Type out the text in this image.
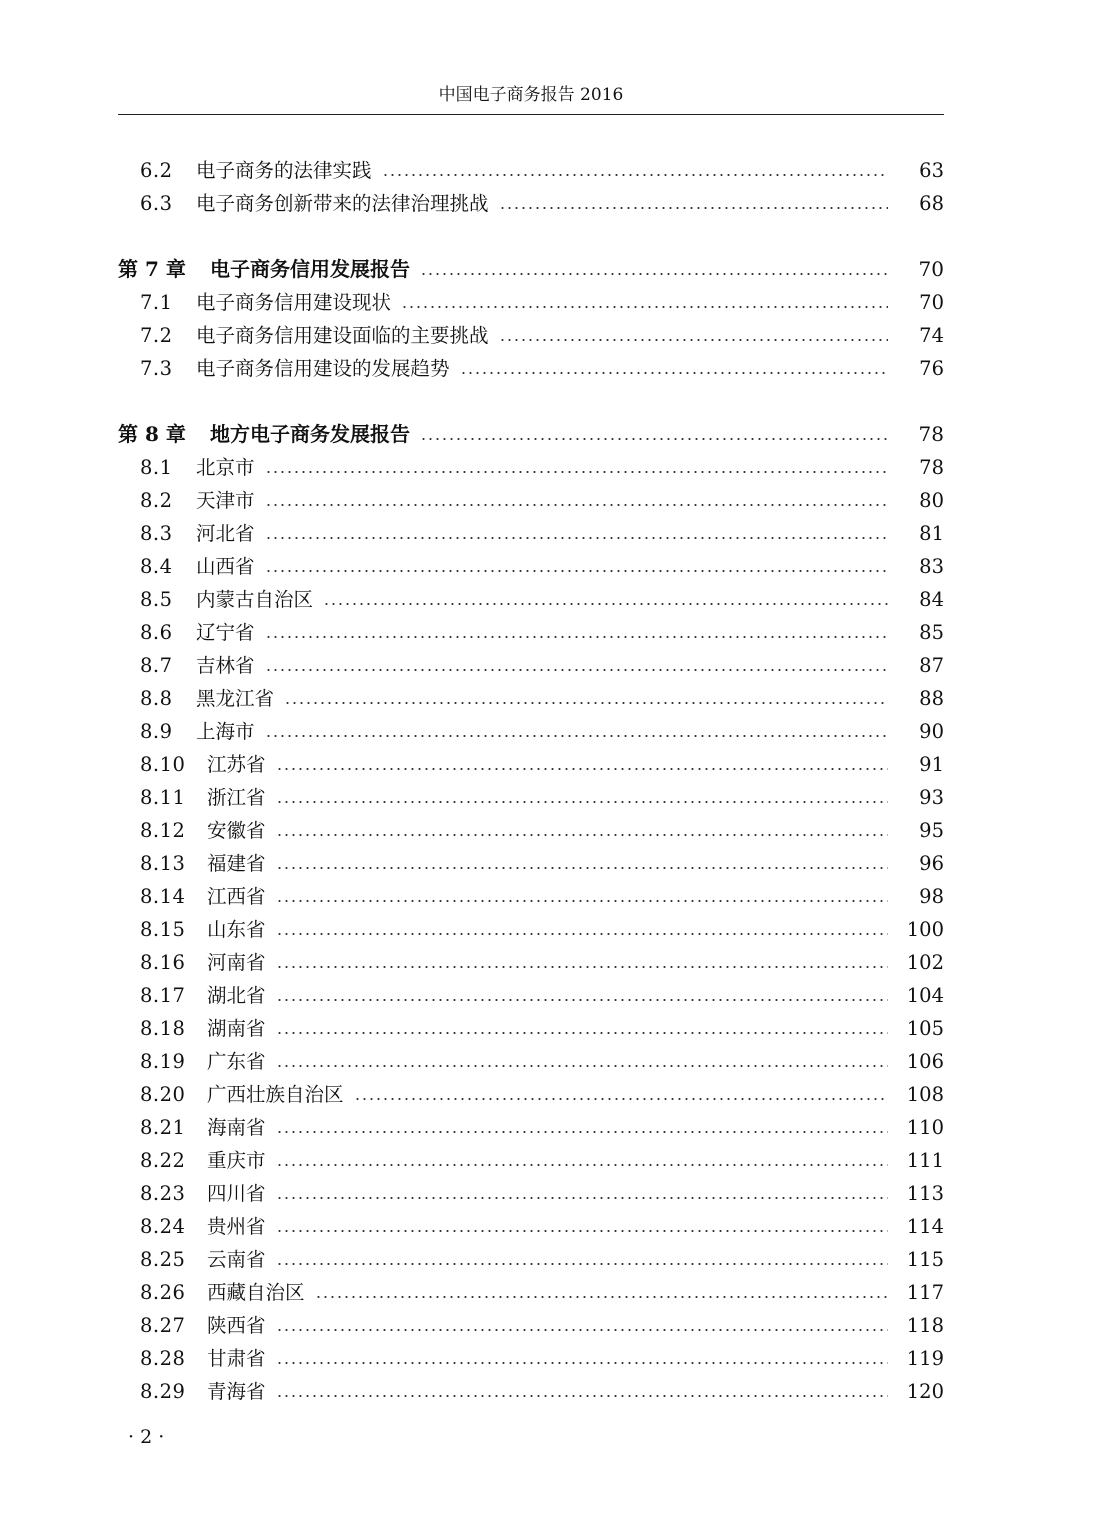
中国电子商务报告 2016
6.2	电子商务的法律实践	63
6.3	电子商务创新带来的法律治理挑战	68
第 7 章	电子商务信用发展报告	70
7.1	电子商务信用建设现状	70
7.2	电子商务信用建设面临的主要挑战	74
7.3	电子商务信用建设的发展趋势	76
第 8 章	地方电子商务发展报告	78
8.1	北京市	78
8.2	天津市	80
8.3	河北省	81
8.4	山西省	83
8.5	内蒙古自治区	84
8.6	辽宁省	85
8.7	吉林省	87
8.8	黑龙江省	88
8.9	上海市	90
8.10	江苏省	91
8.11	浙江省	93
8.12	安徽省	95
8.13	福建省	96
8.14	江西省	98
8.15	山东省	100
8.16	河南省	102
8.17	湖北省	104
8.18	湖南省	105
8.19	广东省	106
8.20	广西壮族自治区	108
8.21	海南省	110
8.22	重庆市	111
8.23	四川省	113
8.24	贵州省	114
8.25	云南省	115
8.26	西藏自治区	117
8.27	陕西省	118
8.28	甘肃省	119
8.29	青海省	120
· 2 ·
